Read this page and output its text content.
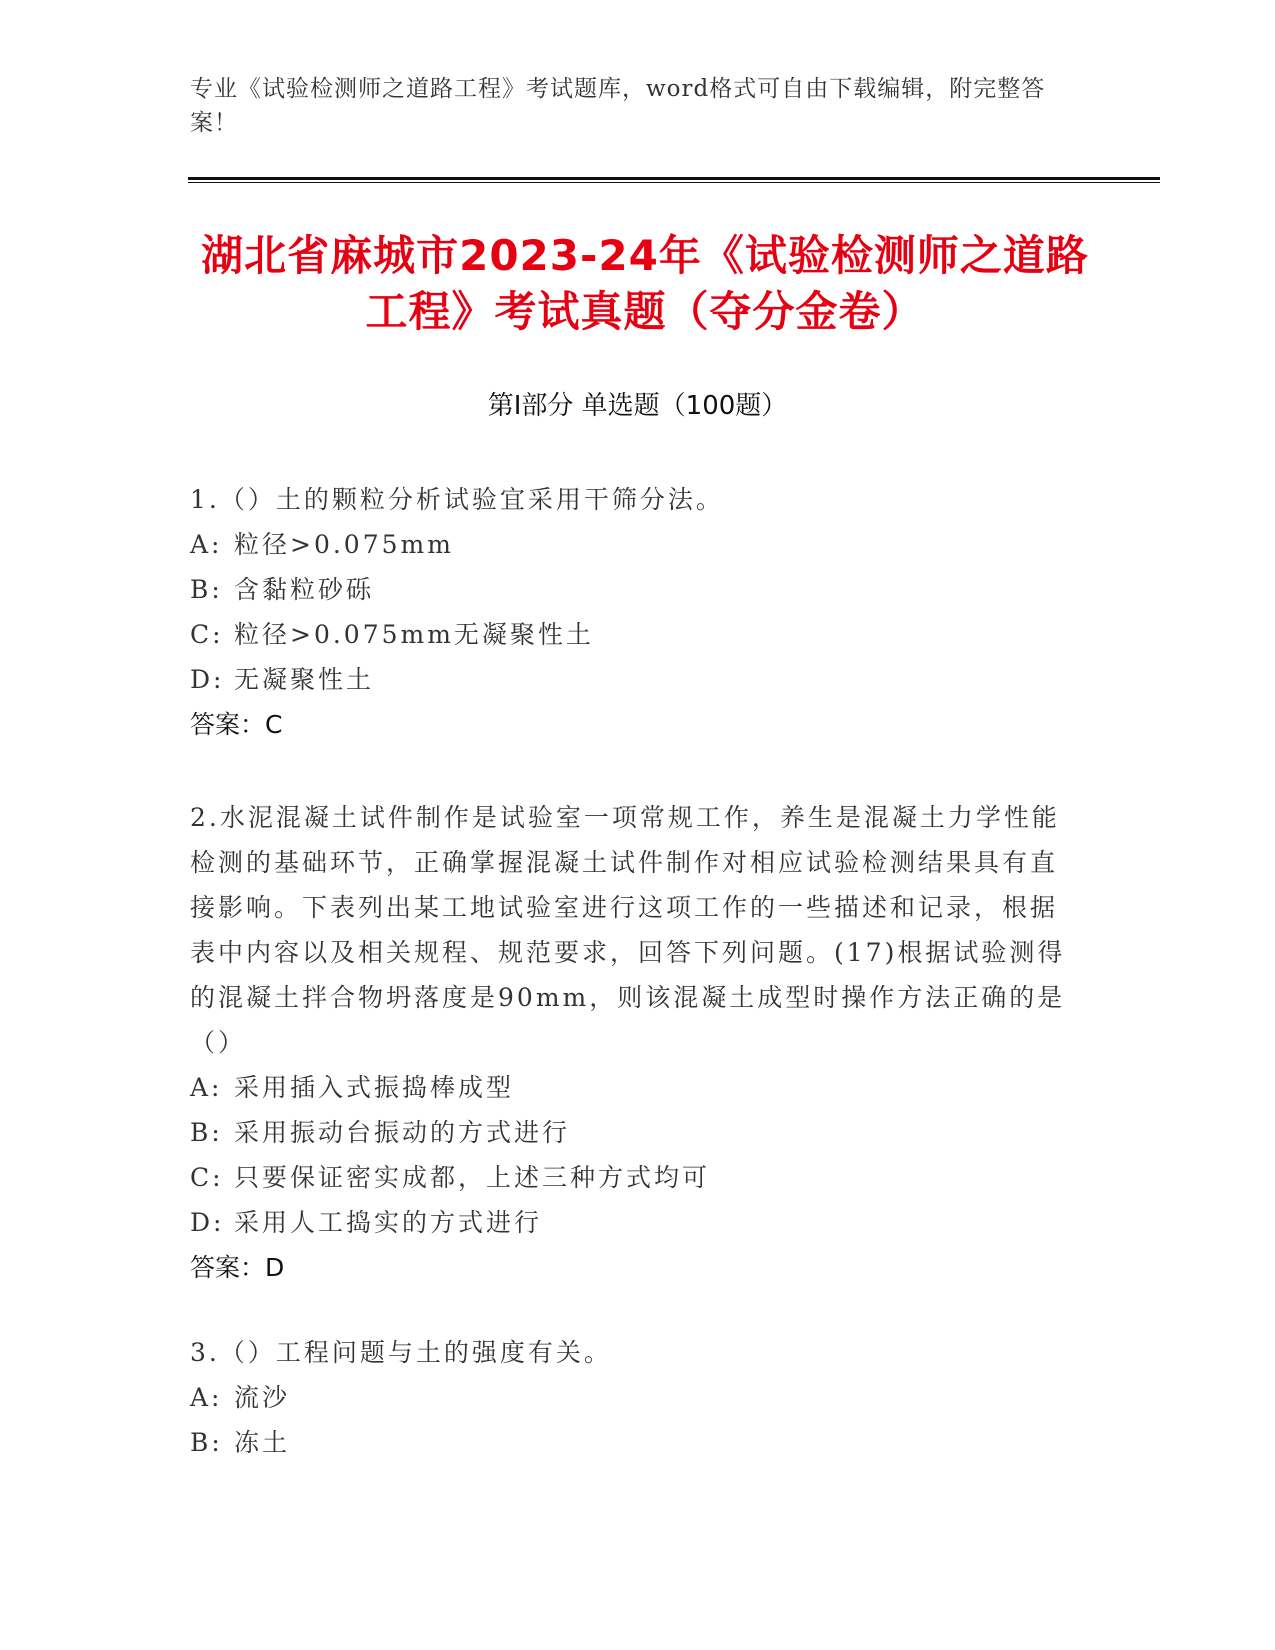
专业《试验检测师之道路工程》考试题库，word格式可自由下载编辑，附完整答案！
湖北省麻城市2023-24年《试验检测师之道路工程》考试真题（夺分金卷）
第I部分 单选题（100题）
1.（）土的颗粒分析试验宜采用干筛分法。
A: 粒径>0.075mm
B: 含黏粒砂砾
C: 粒径>0.075mm无凝聚性土
D: 无凝聚性土
答案：C
2.水泥混凝土试件制作是试验室一项常规工作，养生是混凝土力学性能检测的基础环节，正确掌握混凝土试件制作对相应试验检测结果具有直接影响。下表列出某工地试验室进行这项工作的一些描述和记录，根据表中内容以及相关规程、规范要求，回答下列问题。(17)根据试验测得的混凝土拌合物坍落度是90mm，则该混凝土成型时操作方法正确的是（）
A: 采用插入式振捣棒成型
B: 采用振动台振动的方式进行
C: 只要保证密实成都，上述三种方式均可
D: 采用人工捣实的方式进行
答案：D
3.（）工程问题与土的强度有关。
A: 流沙
B: 冻土
